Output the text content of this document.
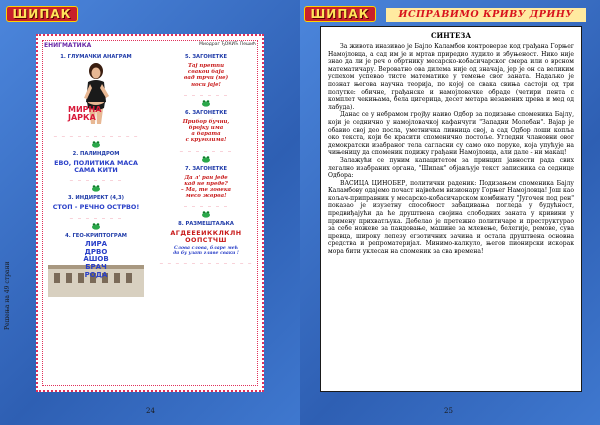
ШИПАК
ЕНИГМАТИКА	Миодраг ЂОКИЋ Пешић
1. ГЛУМАЧКИ АНАГРАМ
МИРНА
ЈАРКА
_ _ _ _ _ _ _ _ _ _ _
2. ПАЛИНДРОМ
ЕВО, ПОЛИТИКА МАСА
САМА КИТИ
_ _ _ _ _ _ _
3. ИНДИРЕКТ (4,3)
СТОП - РЕЧНО ОСТРВО!
_ _ _ _ _ _ _
4. ГЕО-КРИПТОГРАМ
ЛИРА
ДРВО
АШОВ
БРАЧ
РОДА
5. ЗАГОНЕТКЕ
Тај претпи
свакои баја
вад трчи (не)
носи јаје!
_ _ _ _ _ _
6. ЗАГОНЕТКЕ
Прибор бучни,
бројку има
а барата
с кругозима!
_ _ _ _ _ _ _
7. ЗАГОНЕТКЕ
Да л' ран једе
кад не преде?
– Ма, те зовека
месо жврва!
_ _ _ _ _ _
8. РАЗМЕШТАЉКА
АГДЕЕЕИККЛКЛН
ООПСТЧШ
Слова слова, бларе мећ
да бу узат главе сваки !
_ _ _ _ _ _ _ _ _ _ _ _
Решења на 49 страни
24
ШИПАК	ИСПРАВИМО КРИВУ ДРИНУ
СИНТЕЗА

За живота иназивао је Бајло Каламбов контроверзе код грађана Горњег Намојловца, а сад им је и мртав приредио лудило и збуњеност. Нико није знао да ли је реч о обртнику месарско-кобасичарског смера или о врсном математичару. Вероватно ова дилема није од значаја, јер је он са великим успехом успевао тисте математике у темење свог заната. Надаљко је познат његова научна теорија, по којој се свака свиња састоји од три полутке: обичне, грађанске и намојловачке обраде (четири пента с комплет чекињама, бела цигерица, десет метара незавених црева и мед од лабуда).

Данас се у небрамом гројђу наиво Одбор за подизање споменика Бајлу, који је седнично у намојловачкој кафанчуги "Западни Молебан". Вајар је обавио свој део посла, уметничка ливница свој, а сад Одбор лоши копља око текста, који бе красити споменично постоље. Угледни члановни овог демократски изабраног тела сагласни су само око поруке, која упућује на чињеницу да споменик подижу грађани Намојловца, али дале - ни макац!

Залажући се пуним капацитетом за принцип јавности рада свих легално изабраних органа, "Шипак" објављује текст записника са седнице Одбора:

ВАСИЦА ЦИНОБЕР, политички раденик: Подизањем споменика Бајлу Каламбову одајемо почаст највећем визионару Горњег Намојловца! Још као кољач-приправник у месарско-кобасичарском комбинату "Југочен под рен" показао је изузетну способност забацивања погледа у будућност, предвиђајући да ће друштвена својина слободних заната у кривини у примену прихватљука. Дебелао је претежно политичаре и преструктурао за себе ножеве за пандовање, машине за млевење, белегије, ремове, сува цревца, широку лепезу егзотичних зачина и остала друштвена основна средства и репроматеријал. Минимо-калкуло, његов пионирски искорак мора бити уклесан на споменик за сва времена!

25
